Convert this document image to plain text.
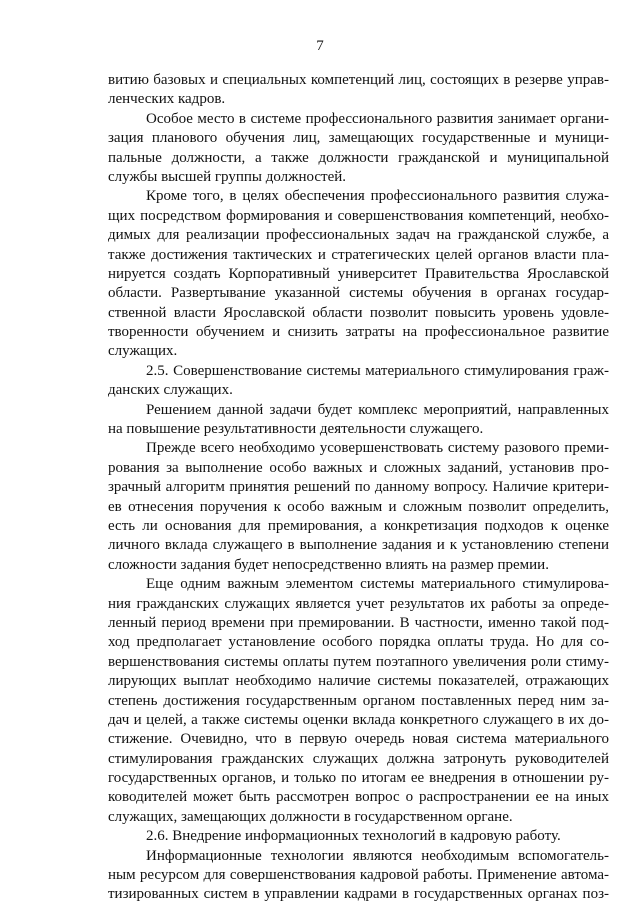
7
витию базовых и специальных компетенций лиц, состоящих в резерве управ-
ленческих кадров.
Особое место в системе профессионального развития занимает органи-
зация планового обучения лиц, замещающих государственные и муници-
пальные должности, а также должности гражданской и муниципальной
службы высшей группы должностей.
Кроме того, в целях обеспечения профессионального развития служа-
щих посредством формирования и совершенствования компетенций, необхо-
димых для реализации профессиональных задач на гражданской службе, а
также достижения тактических и стратегических целей органов власти пла-
нируется создать Корпоративный университет Правительства Ярославской
области. Развертывание указанной системы обучения в органах государ-
ственной власти Ярославской области позволит повысить уровень удовле-
творенности обучением и снизить затраты на профессиональное развитие
служащих.
2.5. Совершенствование системы материального стимулирования граж-
данских служащих.
Решением данной задачи будет комплекс мероприятий, направленных
на повышение результативности деятельности служащего.
Прежде всего необходимо усовершенствовать систему разового преми-
рования за выполнение особо важных и сложных заданий, установив про-
зрачный алгоритм принятия решений по данному вопросу. Наличие критери-
ев отнесения поручения к особо важным и сложным позволит определить,
есть ли основания для премирования, а конкретизация подходов к оценке
личного вклада служащего в выполнение задания и к установлению степени
сложности задания будет непосредственно влиять на размер премии.
Еще одним важным элементом системы материального стимулирова-
ния гражданских служащих является учет результатов их работы за опреде-
ленный период времени при премировании. В частности, именно такой под-
ход предполагает установление особого порядка оплаты труда. Но для со-
вершенствования системы оплаты путем поэтапного увеличения роли стиму-
лирующих выплат необходимо наличие системы показателей, отражающих
степень достижения государственным органом поставленных перед ним за-
дач и целей, а также системы оценки вклада конкретного служащего в их до-
стижение. Очевидно, что в первую очередь новая система материального
стимулирования гражданских служащих должна затронуть руководителей
государственных органов, и только по итогам ее внедрения в отношении ру-
ководителей может быть рассмотрен вопрос о распространении ее на иных
служащих, замещающих должности в государственном органе.
2.6. Внедрение информационных технологий в кадровую работу.
Информационные технологии являются необходимым вспомогатель-
ным ресурсом для совершенствования кадровой работы. Применение автома-
тизированных систем в управлении кадрами в государственных органах поз-
